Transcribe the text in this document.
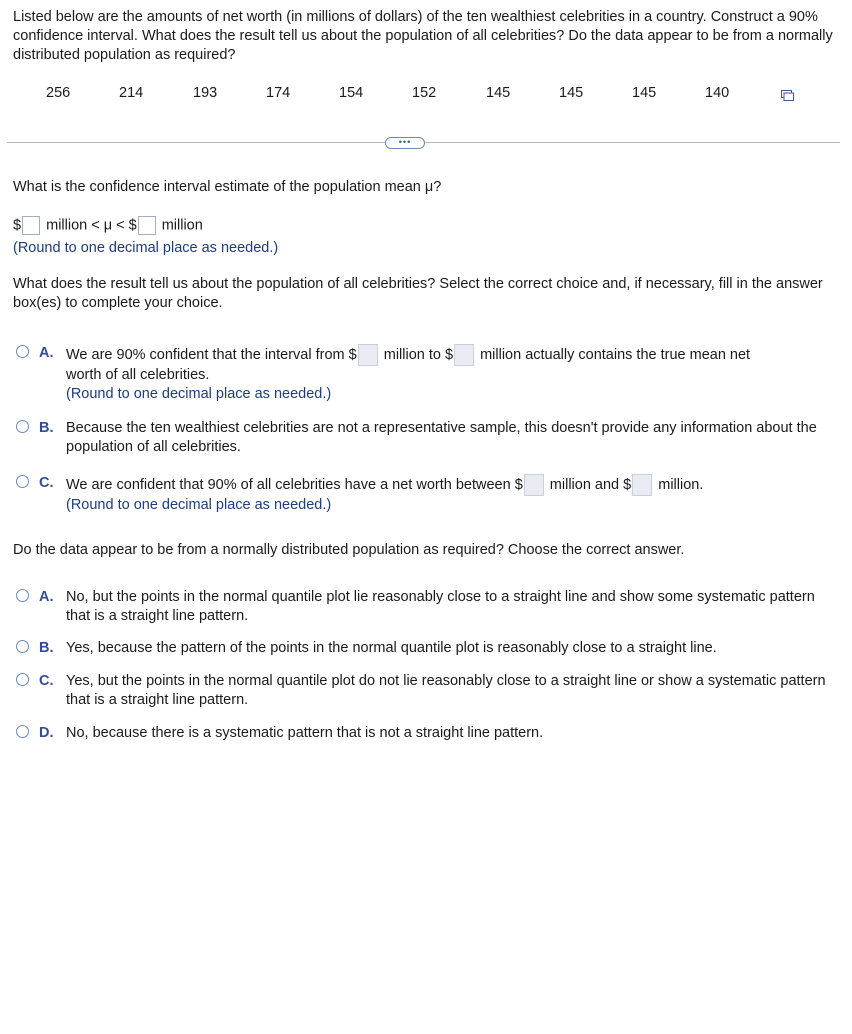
Listed below are the amounts of net worth (in millions of dollars) of the ten wealthiest celebrities in a country. Construct a 90% confidence interval. What does the result tell us about the population of all celebrities? Do the data appear to be from a normally distributed population as required?
256	214	193	174	154	152	145	145	145	140
•••
What is the confidence interval estimate of the population mean μ?
$ million < μ < $ million
(Round to one decimal place as needed.)
What does the result tell us about the population of all celebrities? Select the correct choice and, if necessary, fill in the answer box(es) to complete your choice.
A. We are 90% confident that the interval from $ million to $ million actually contains the true mean net
worth of all celebrities.
(Round to one decimal place as needed.)
B. Because the ten wealthiest celebrities are not a representative sample, this doesn't provide any information about the population of all celebrities.
C. We are confident that 90% of all celebrities have a net worth between $ million and $ million.
(Round to one decimal place as needed.)
Do the data appear to be from a normally distributed population as required? Choose the correct answer.
A. No, but the points in the normal quantile plot lie reasonably close to a straight line and show some systematic pattern that is a straight line pattern.
B. Yes, because the pattern of the points in the normal quantile plot is reasonably close to a straight line.
C. Yes, but the points in the normal quantile plot do not lie reasonably close to a straight line or show a systematic pattern that is a straight line pattern.
D. No, because there is a systematic pattern that is not a straight line pattern.
